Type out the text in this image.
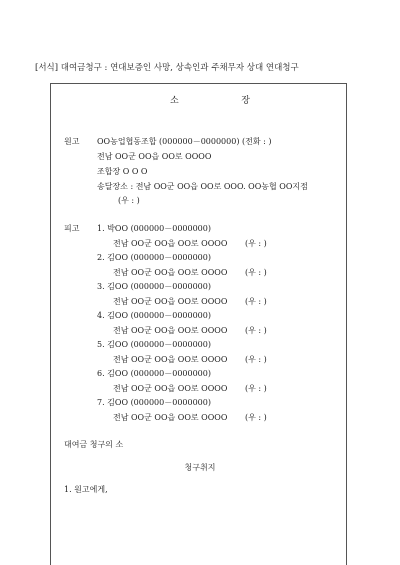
[서식] 대여금청구 : 연대보증인 사망, 상속인과 주채무자 상대 연대청구
소	장
원고 OO농업협동조합 (000000－0000000) (전화 : )
전남 OO군 OO읍 OO로 OOOO
조합장 O O O
송달장소 : 전남 OO군 OO읍 OO로 OOO. OO농협 OO지점
(우 : )
피고 1. 박OO (000000－0000000)
전남 OO군 OO읍 OO로 OOOO (우 : )
2. 김OO (000000－0000000)
전남 OO군 OO읍 OO로 OOOO (우 : )
3. 김OO (000000－0000000)
전남 OO군 OO읍 OO로 OOOO (우 : )
4. 김OO (000000－0000000)
전남 OO군 OO읍 OO로 OOOO (우 : )
5. 김OO (000000－0000000)
전남 OO군 OO읍 OO로 OOOO (우 : )
6. 김OO (000000－0000000)
전남 OO군 OO읍 OO로 OOOO (우 : )
7. 김OO (000000－0000000)
전남 OO군 OO읍 OO로 OOOO (우 : )
대여금 청구의 소
청구취지
1. 원고에게,
